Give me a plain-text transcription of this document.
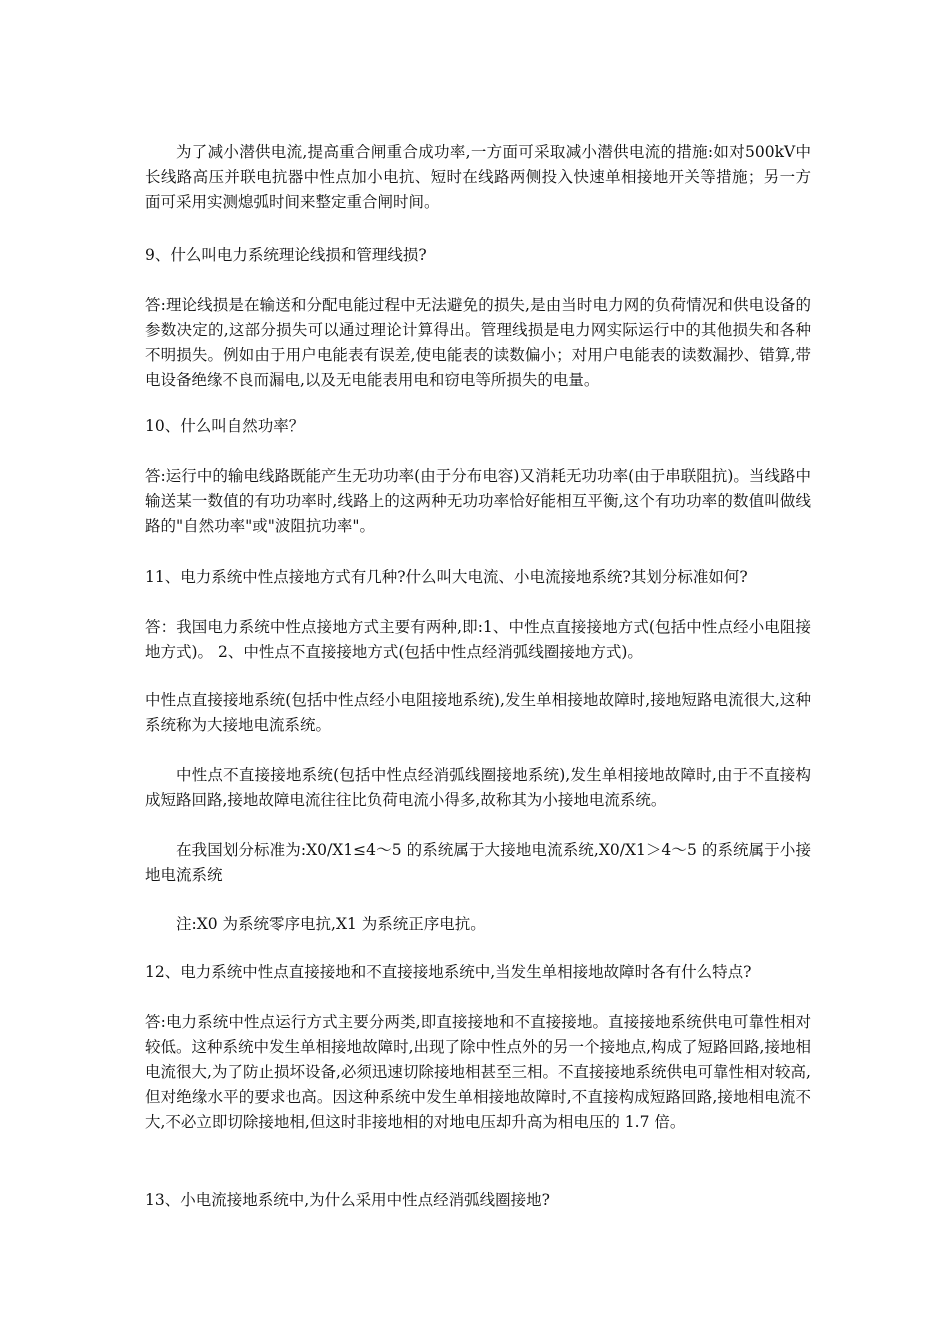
为了减小潜供电流,提高重合闸重合成功率,一方面可采取减小潜供电流的措施:如对500kV中长线路高压并联电抗器中性点加小电抗、短时在线路两侧投入快速单相接地开关等措施；另一方面可采用实测熄弧时间来整定重合闸时间。

9、什么叫电力系统理论线损和管理线损?

答:理论线损是在输送和分配电能过程中无法避免的损失,是由当时电力网的负荷情况和供电设备的参数决定的,这部分损失可以通过理论计算得出。管理线损是电力网实际运行中的其他损失和各种不明损失。例如由于用户电能表有误差,使电能表的读数偏小；对用户电能表的读数漏抄、错算,带电设备绝缘不良而漏电,以及无电能表用电和窃电等所损失的电量。

10、什么叫自然功率？

答:运行中的输电线路既能产生无功功率(由于分布电容)又消耗无功功率(由于串联阻抗)。当线路中输送某一数值的有功功率时,线路上的这两种无功功率恰好能相互平衡,这个有功功率的数值叫做线路的"自然功率"或"波阻抗功率"。

11、电力系统中性点接地方式有几种?什么叫大电流、小电流接地系统?其划分标准如何?

答：我国电力系统中性点接地方式主要有两种,即:1、中性点直接接地方式(包括中性点经小电阻接地方式)。 2、中性点不直接接地方式(包括中性点经消弧线圈接地方式)。

中性点直接接地系统(包括中性点经小电阻接地系统),发生单相接地故障时,接地短路电流很大,这种系统称为大接地电流系统。

中性点不直接接地系统(包括中性点经消弧线圈接地系统),发生单相接地故障时,由于不直接构成短路回路,接地故障电流往往比负荷电流小得多,故称其为小接地电流系统。

在我国划分标准为:X0/X1≤4～5 的系统属于大接地电流系统,X0/X1＞4～5 的系统属于小接地电流系统

注:X0 为系统零序电抗,X1 为系统正序电抗。

12、电力系统中性点直接接地和不直接接地系统中,当发生单相接地故障时各有什么特点?

答:电力系统中性点运行方式主要分两类,即直接接地和不直接接地。直接接地系统供电可靠性相对较低。这种系统中发生单相接地故障时,出现了除中性点外的另一个接地点,构成了短路回路,接地相电流很大,为了防止损坏设备,必须迅速切除接地相甚至三相。不直接接地系统供电可靠性相对较高,但对绝缘水平的要求也高。因这种系统中发生单相接地故障时,不直接构成短路回路,接地相电流不大,不必立即切除接地相,但这时非接地相的对地电压却升高为相电压的 1.7 倍。

13、小电流接地系统中,为什么采用中性点经消弧线圈接地?
